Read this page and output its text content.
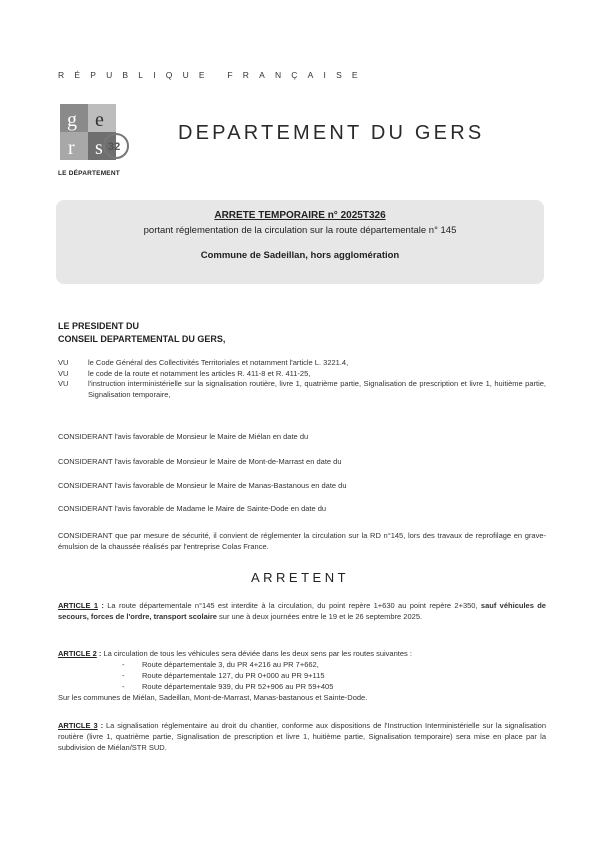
RÉPUBLIQUE FRANÇAISE
g e
r s 32
LE DÉPARTEMENT
DEPARTEMENT DU GERS
ARRETE TEMPORAIRE n° 2025T326
portant réglementation de la circulation sur la route départementale n° 145
Commune de Sadeillan, hors agglomération
LE PRESIDENT DU
CONSEIL DEPARTEMENTAL DU GERS,
VU	le Code Général des Collectivités Territoriales et notamment l'article L. 3221.4,
VU	le code de la route et notamment les articles R. 411-8 et R. 411-25,
VU	l'instruction interministérielle sur la signalisation routière, livre 1, quatrième partie, Signalisation de prescription et livre 1, huitième partie, Signalisation temporaire,
CONSIDERANT l'avis favorable de Monsieur le Maire de Miélan en date du
CONSIDERANT l'avis favorable de Monsieur le Maire de Mont-de-Marrast en date du
CONSIDERANT l'avis favorable de Monsieur le Maire de Manas-Bastanous en date du
CONSIDERANT l'avis favorable de Madame le Maire de Sainte-Dode en date du
CONSIDERANT que par mesure de sécurité, il convient de réglementer la circulation sur la RD n°145, lors des travaux de reprofilage en grave-émulsion de la chaussée réalisés par l'entreprise Colas France.
ARRETENT
ARTICLE 1 : La route départementale n°145 est interdite à la circulation, du point repère 1+630 au point repère 2+350, sauf véhicules de secours, forces de l'ordre, transport scolaire sur une à deux journées entre le 19 et le 26 septembre 2025.
ARTICLE 2 : La circulation de tous les véhicules sera déviée dans les deux sens par les routes suivantes :
- Route départementale 3, du PR 4+216 au PR 7+662,
- Route départementale 127, du PR 0+000 au PR 9+115
- Route départementale 939, du PR 52+906 au PR 59+405
Sur les communes de Miélan, Sadeillan, Mont-de-Marrast, Manas-bastanous et Sainte-Dode.
ARTICLE 3 : La signalisation réglementaire au droit du chantier, conforme aux dispositions de l'Instruction Interministérielle sur la signalisation routière (livre 1, quatrième partie, Signalisation de prescription et livre 1, huitième partie, Signalisation temporaire) sera mise en place par la subdivision de Miélan/STR SUD.
